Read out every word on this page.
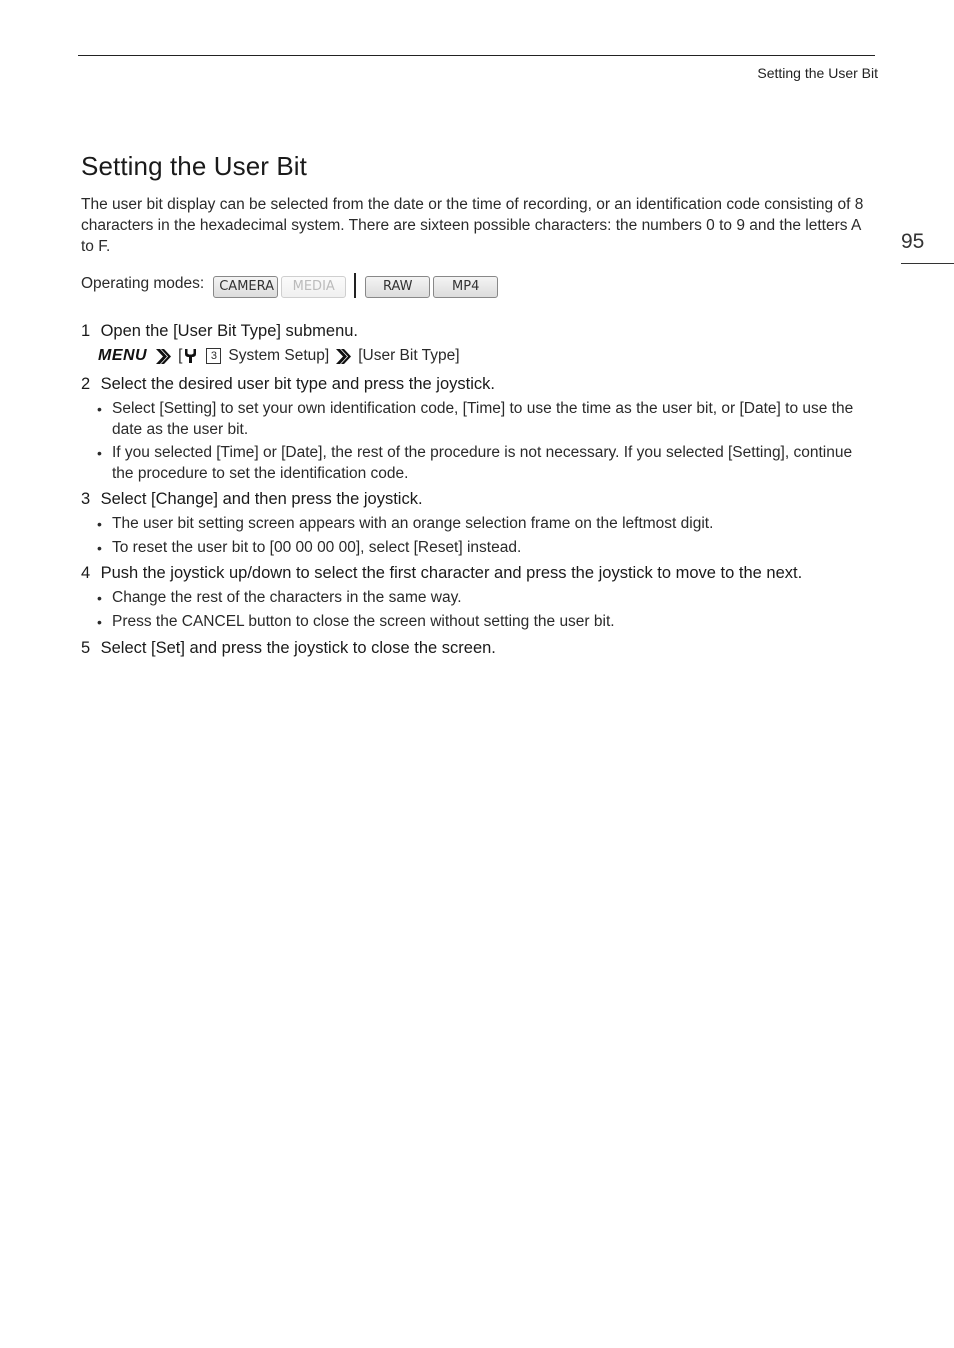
Setting the User Bit
95
Setting the User Bit

The user bit display can be selected from the date or the time of recording, or an identification code consisting of 8 characters in the hexadecimal system. There are sixteen possible characters: the numbers 0 to 9 and the letters A to F.

Operating modes:	CAMERA	MEDIA	RAW	MP4
1 Open the [User Bit Type] submenu.
MENU [	3 System Setup] [User Bit Type]
2 Select the desired user bit type and press the joystick.
• Select [Setting] to set your own identification code, [Time] to use the time as the user bit, or [Date] to use the date as the user bit.
• If you selected [Time] or [Date], the rest of the procedure is not necessary. If you selected [Setting], continue the procedure to set the identification code.
3 Select [Change] and then press the joystick.
• The user bit setting screen appears with an orange selection frame on the leftmost digit.
• To reset the user bit to [00 00 00 00], select [Reset] instead.
4 Push the joystick up/down to select the first character and press the joystick to move to the next.
• Change the rest of the characters in the same way.
• Press the CANCEL button to close the screen without setting the user bit.
5 Select [Set] and press the joystick to close the screen.
